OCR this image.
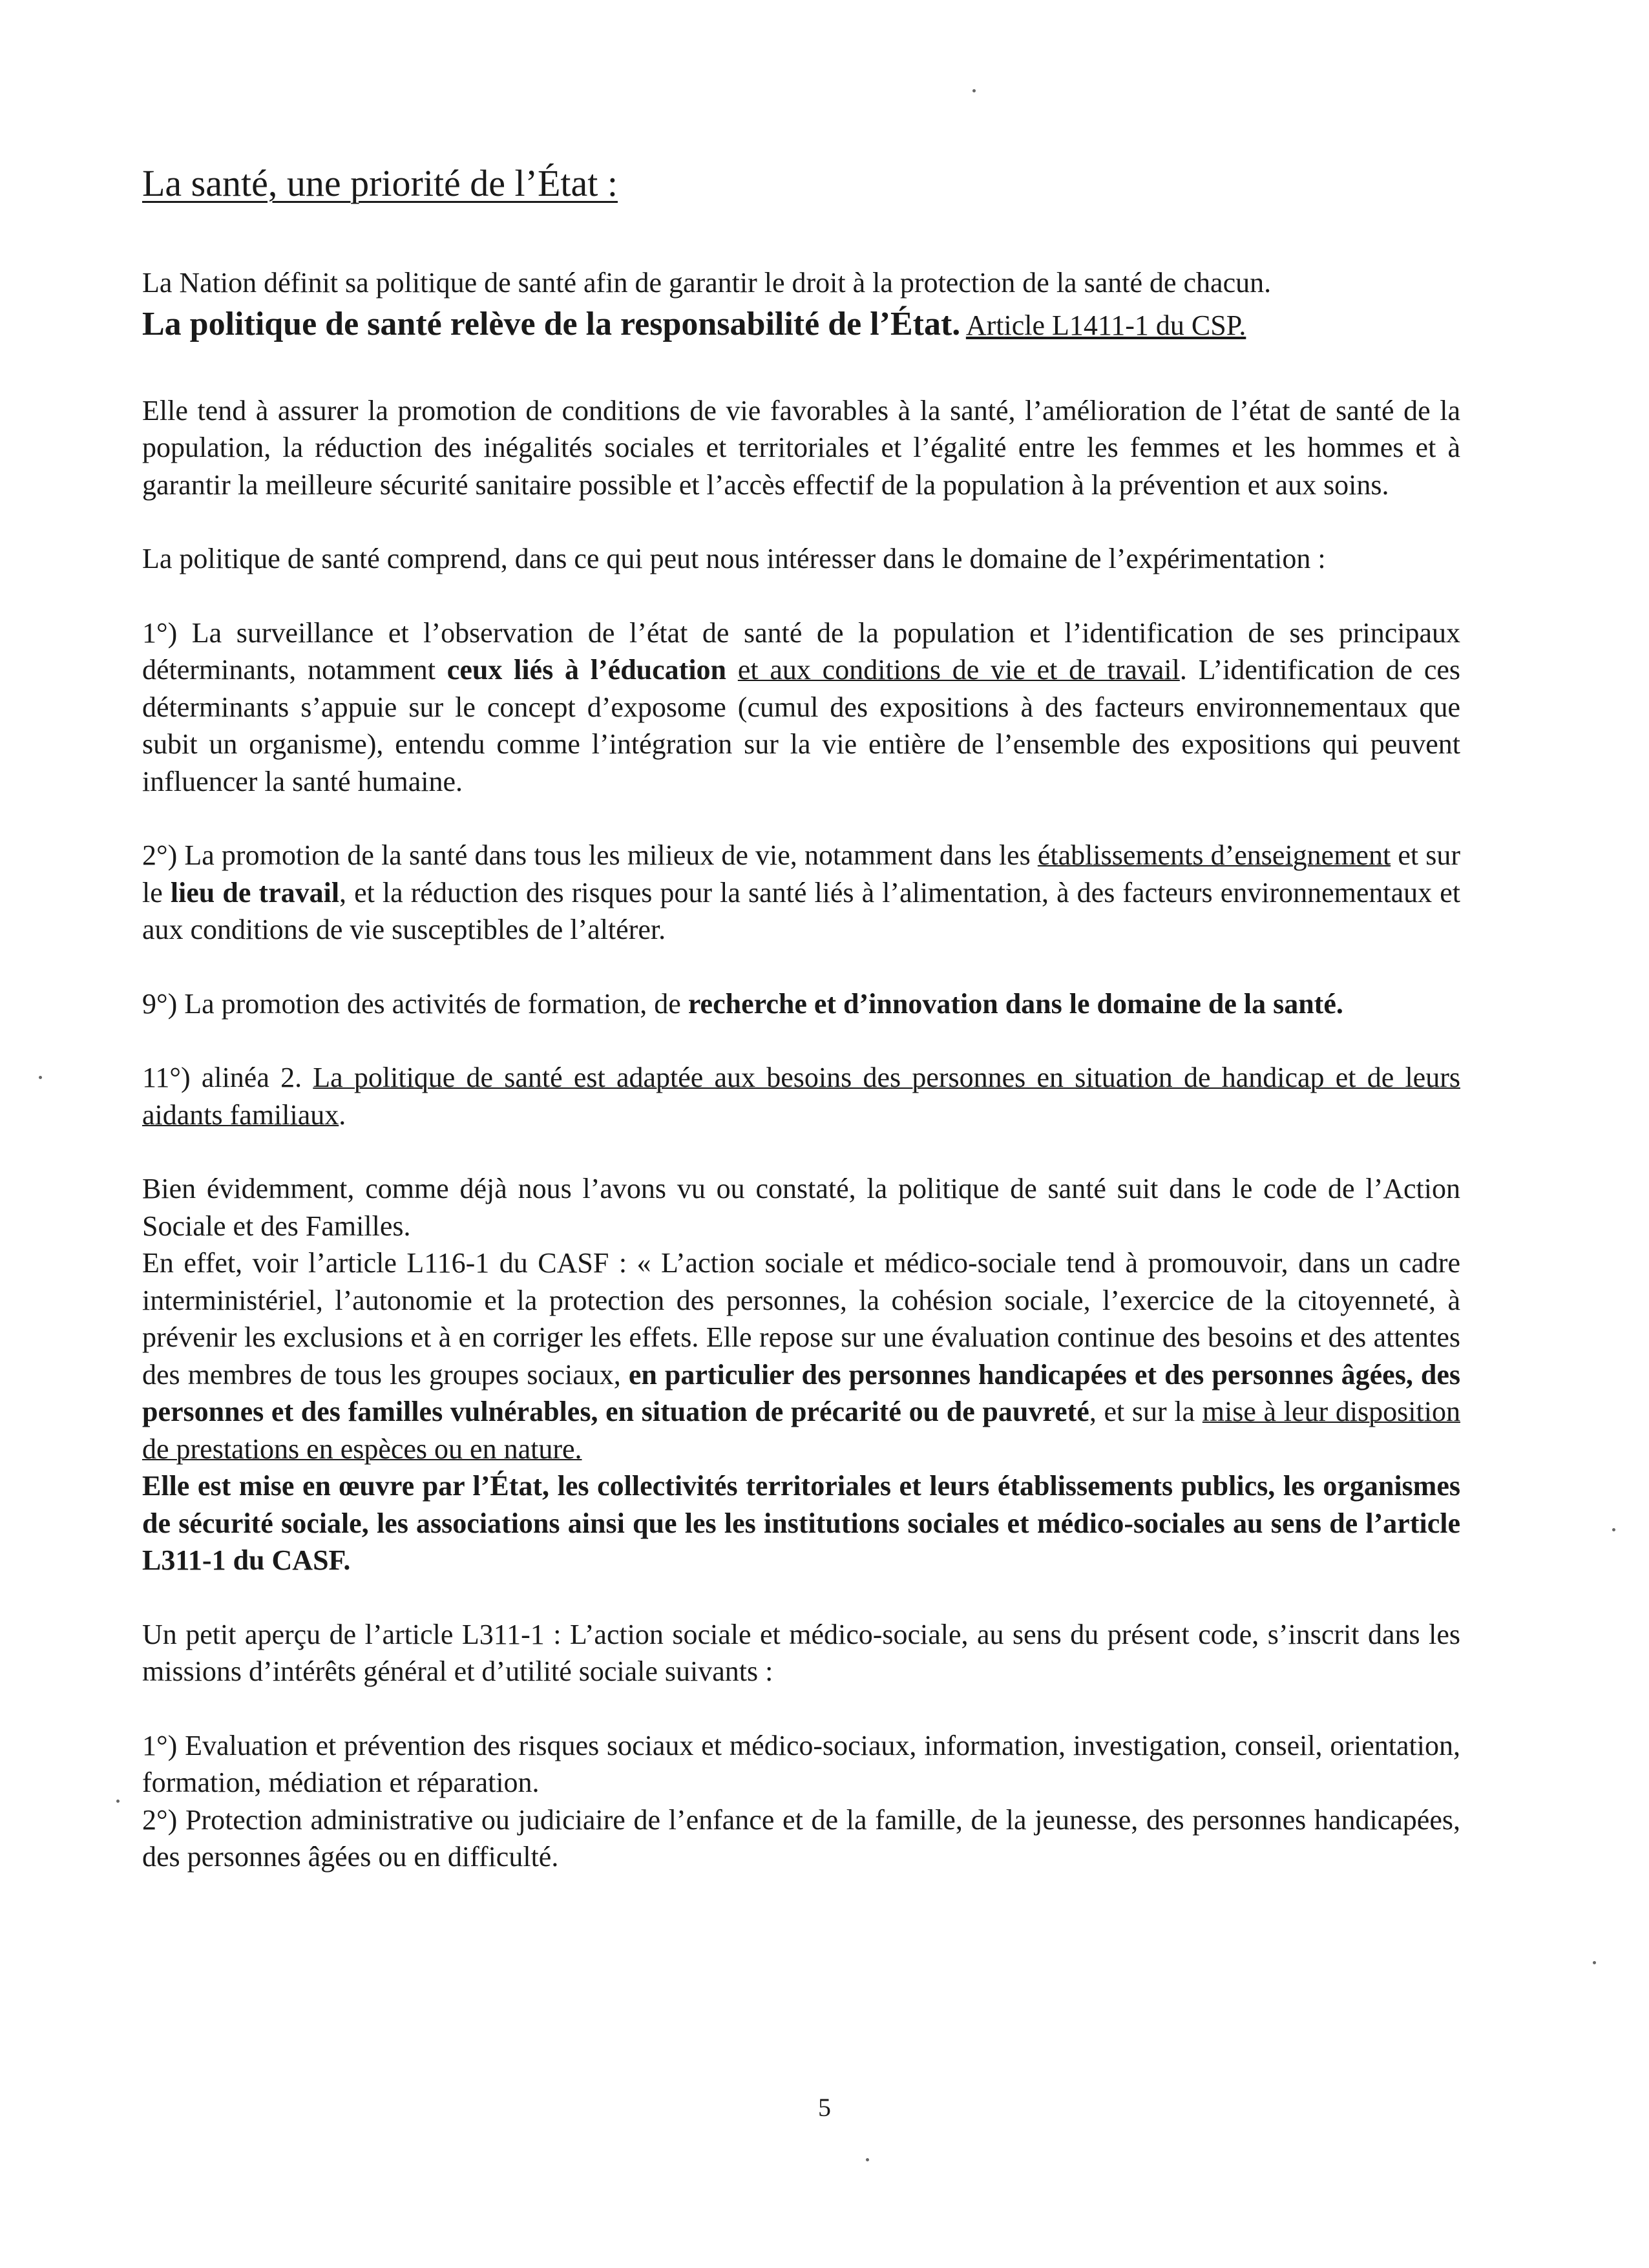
La santé, une priorité de l’État :

La Nation définit sa politique de santé afin de garantir le droit à la protection de la santé de chacun.

La politique de santé relève de la responsabilité de l’État. Article L1411-1 du CSP.

Elle tend à assurer la promotion de conditions de vie favorables à la santé, l’amélioration de l’état de santé de la population, la réduction des inégalités sociales et territoriales et l’égalité entre les femmes et les hommes et à garantir la meilleure sécurité sanitaire possible et l’accès effectif de la population à la prévention et aux soins.

La politique de santé comprend, dans ce qui peut nous intéresser dans le domaine de l’expérimentation :

1°) La surveillance et l’observation de l’état de santé de la population et l’identification de ses principaux déterminants, notamment ceux liés à l’éducation et aux conditions de vie et de travail. L’identification de ces déterminants s’appuie sur le concept d’exposome (cumul des expositions à des facteurs environnementaux que subit un organisme), entendu comme l’intégration sur la vie entière de l’ensemble des expositions qui peuvent influencer la santé humaine.

2°) La promotion de la santé dans tous les milieux de vie, notamment dans les établissements d’enseignement et sur le lieu de travail, et la réduction des risques pour la santé liés à l’alimentation, à des facteurs environnementaux et aux conditions de vie susceptibles de l’altérer.

9°) La promotion des activités de formation, de recherche et d’innovation dans le domaine de la santé.

11°) alinéa 2. La politique de santé est adaptée aux besoins des personnes en situation de handicap et de leurs aidants familiaux.

Bien évidemment, comme déjà nous l’avons vu ou constaté, la politique de santé suit dans le code de l’Action Sociale et des Familles.

En effet, voir l’article L116-1 du CASF : « L’action sociale et médico-sociale tend à promouvoir, dans un cadre interministériel, l’autonomie et la protection des personnes, la cohésion sociale, l’exercice de la citoyenneté, à prévenir les exclusions et à en corriger les effets. Elle repose sur une évaluation continue des besoins et des attentes des membres de tous les groupes sociaux, en particulier des personnes handicapées et des personnes âgées, des personnes et des familles vulnérables, en situation de précarité ou de pauvreté, et sur la mise à leur disposition de prestations en espèces ou en nature.

Elle est mise en œuvre par l’État, les collectivités territoriales et leurs établissements publics, les organismes de sécurité sociale, les associations ainsi que les les institutions sociales et médico-sociales au sens de l’article L311-1 du CASF.

Un petit aperçu de l’article L311-1 : L’action sociale et médico-sociale, au sens du présent code, s’inscrit dans les missions d’intérêts général et d’utilité sociale suivants :

1°) Evaluation et prévention des risques sociaux et médico-sociaux, information, investigation, conseil, orientation, formation, médiation et réparation.

2°) Protection administrative ou judiciaire de l’enfance et de la famille, de la jeunesse, des personnes handicapées, des personnes âgées ou en difficulté.

5
